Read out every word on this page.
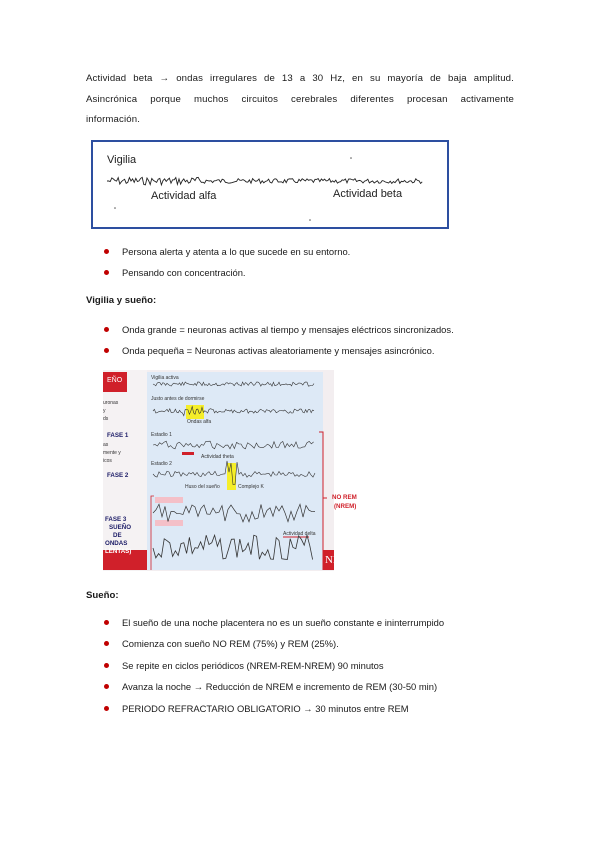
Actividad beta → ondas irregulares de 13 a 30 Hz, en su mayoría de baja amplitud.
Asincrónica porque muchos circuitos cerebrales diferentes procesan activamente
información.
Vigilia
Actividad alfa	Actividad beta
Persona alerta y atenta a lo que sucede en su entorno.
Pensando con concentración.
Vigilia y sueño:
Onda grande = neuronas activas al tiempo y mensajes eléctricos sincronizados.
Onda pequeña = Neuronas activas aleatoriamente y mensajes asincrónico.
EÑO
NE
uronas
y
ds
FASE 1
as
mente y
icos
FASE 2
FASE 3
SUEÑO
DE
ONDAS
LENTAS)
Vigilia activa
Justo antes de dormirse
Ondas alfa
Estadio 1
Actividad theta
Estadio 2
Huso del sueño	Complejo K
Actividad delta
NO REM
(NREM)
Sueño:
El sueño de una noche placentera no es un sueño constante e ininterrumpido
Comienza con sueño NO REM (75%) y REM (25%).
Se repite en ciclos periódicos (NREM-REM-NREM) 90 minutos
Avanza la noche → Reducción de NREM e incremento de REM (30-50 min)
PERIODO REFRACTARIO OBLIGATORIO → 30 minutos entre REM
